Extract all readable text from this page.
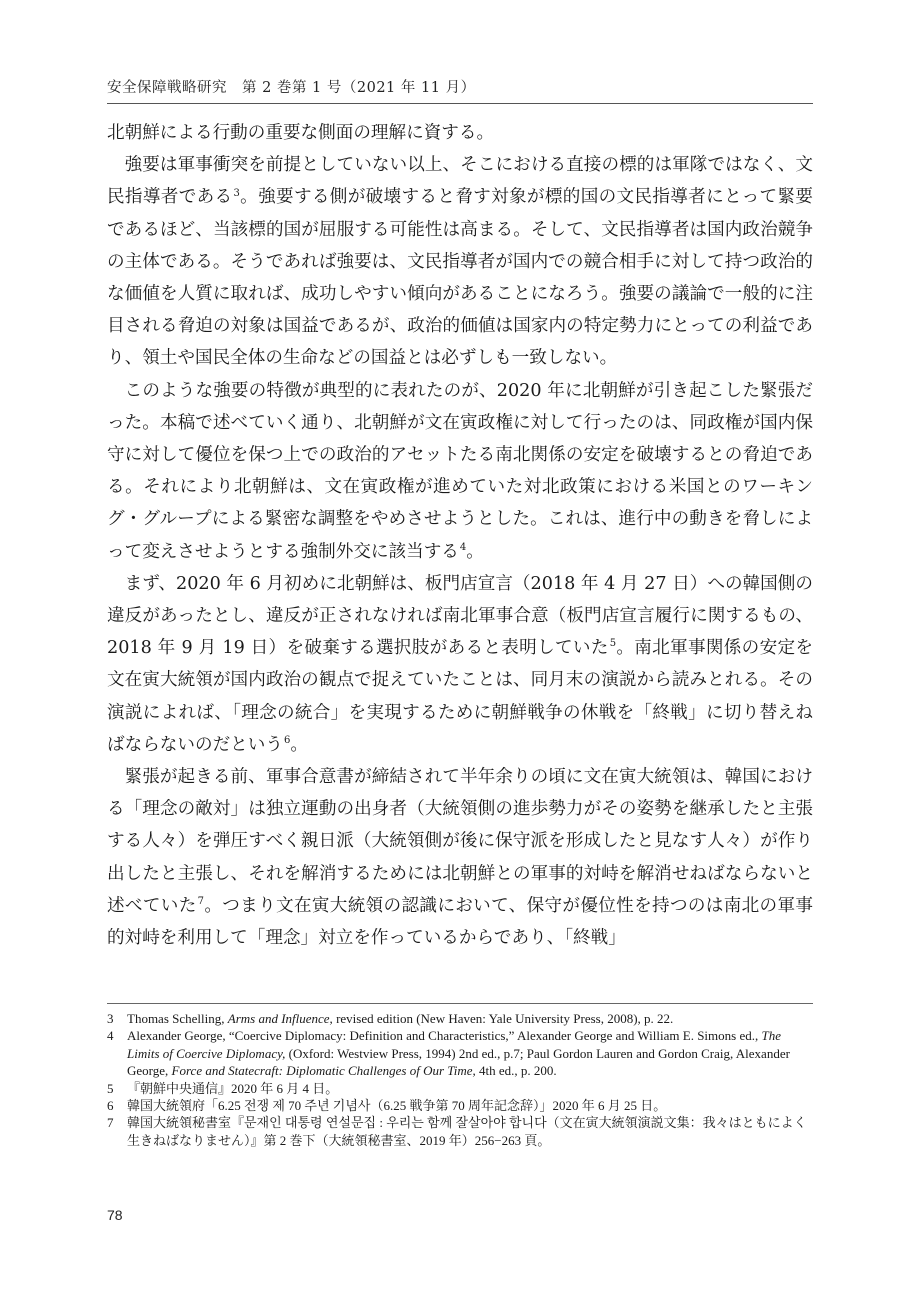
安全保障戦略研究　第 2 巻第 1 号（2021 年 11 月）

北朝鮮による行動の重要な側面の理解に資する。

強要は軍事衝突を前提としていない以上、そこにおける直接の標的は軍隊ではなく、文民指導者である$^3$。強要する側が破壊すると脅す対象が標的国の文民指導者にとって緊要であるほど、当該標的国が屈服する可能性は高まる。そして、文民指導者は国内政治競争の主体である。そうであれば強要は、文民指導者が国内での競合相手に対して持つ政治的な価値を人質に取れば、成功しやすい傾向があることになろう。強要の議論で一般的に注目される脅迫の対象は国益であるが、政治的価値は国家内の特定勢力にとっての利益であり、領土や国民全体の生命などの国益とは必ずしも一致しない。

このような強要の特徴が典型的に表れたのが、2020 年に北朝鮮が引き起こした緊張だった。本稿で述べていく通り、北朝鮮が文在寅政権に対して行ったのは、同政権が国内保守に対して優位を保つ上での政治的アセットたる南北関係の安定を破壊するとの脅迫である。それにより北朝鮮は、文在寅政権が進めていた対北政策における米国とのワーキング・グループによる緊密な調整をやめさせようとした。これは、進行中の動きを脅しによって変えさせようとする強制外交に該当する$^4$。

まず、2020 年 6 月初めに北朝鮮は、板門店宣言（2018 年 4 月 27 日）への韓国側の違反があったとし、違反が正されなければ南北軍事合意（板門店宣言履行に関するもの、2018 年 9 月 19 日）を破棄する選択肢があると表明していた$^5$。南北軍事関係の安定を文在寅大統領が国内政治の観点で捉えていたことは、同月末の演説から読みとれる。その演説によれば、「理念の統合」を実現するために朝鮮戦争の休戦を「終戦」に切り替えねばならないのだという$^6$。

緊張が起きる前、軍事合意書が締結されて半年余りの頃に文在寅大統領は、韓国における「理念の敵対」は独立運動の出身者（大統領側の進歩勢力がその姿勢を継承したと主張する人々）を弾圧すべく親日派（大統領側が後に保守派を形成したと見なす人々）が作り出したと主張し、それを解消するためには北朝鮮との軍事的対峙を解消せねばならないと述べていた$^7$。つまり文在寅大統領の認識において、保守が優位性を持つのは南北の軍事的対峙を利用して「理念」対立を作っているからであり、「終戦」

3	Thomas Schelling, Arms and Influence, revised edition (New Haven: Yale University Press, 2008), p. 22.
4	Alexander George, “Coercive Diplomacy: Definition and Characteristics,” Alexander George and William E. Simons ed., The Limits of Coercive Diplomacy, (Oxford: Westview Press, 1994) 2nd ed., p.7; Paul Gordon Lauren and Gordon Craig, Alexander George, Force and Statecraft: Diplomatic Challenges of Our Time, 4th ed., p. 200.
5	『朝鮮中央通信』2020 年 6 月 4 日。
6	韓国大統領府「6.25 전쟁 제 70 주년 기념사（6.25 戦争第 70 周年記念辞）」2020 年 6 月 25 日。
7	韓国大統領秘書室『문재인 대통령 연설문집 : 우리는 함께 잘살아야 합니다（文在寅大統領演説文集：我々はともによく生きねばなりません）』第 2 巻下（大統領秘書室、2019 年）256−263 頁。
78
